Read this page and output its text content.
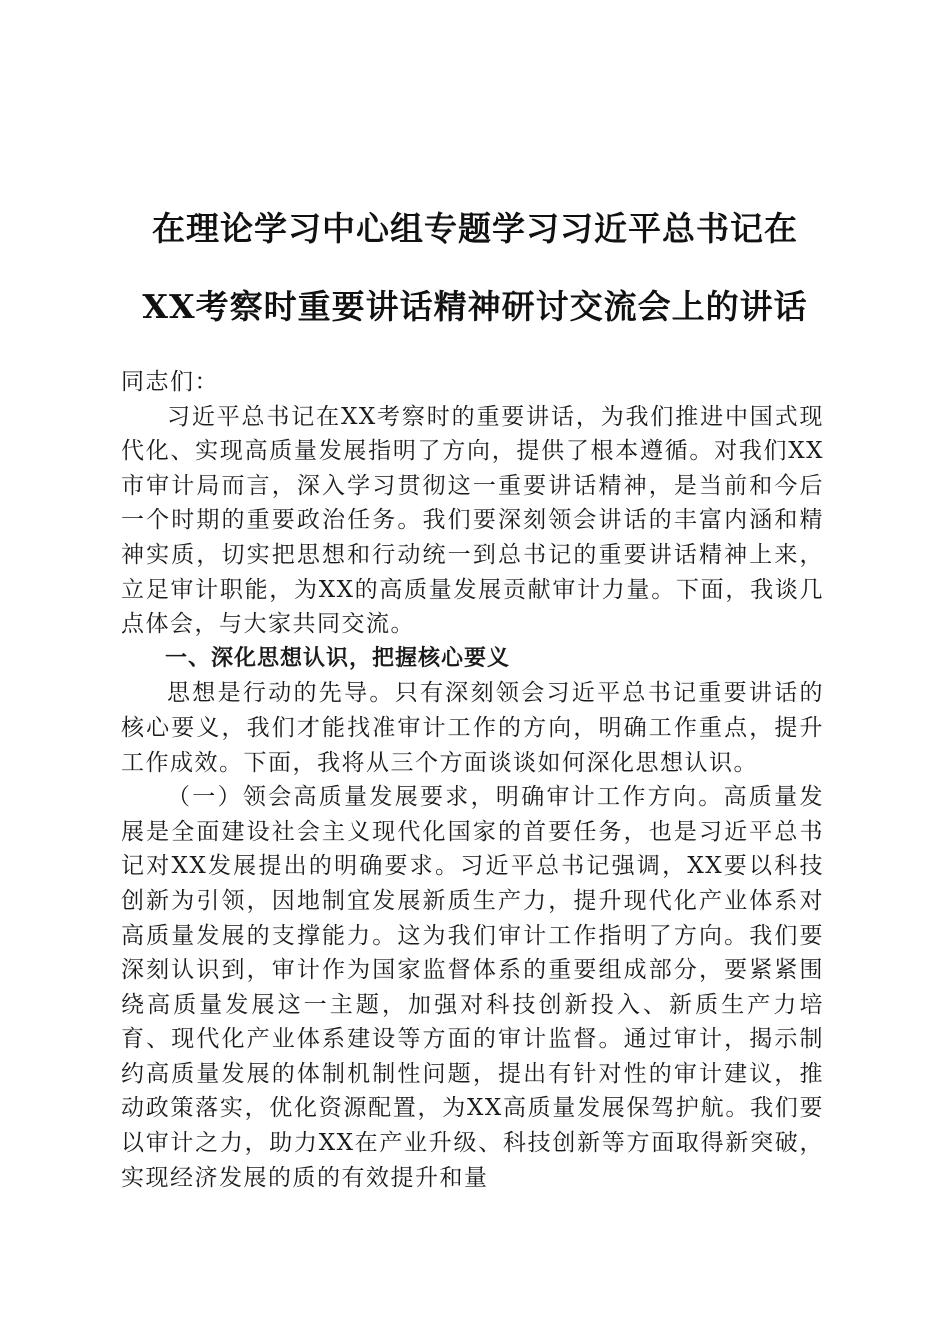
在理论学习中心组专题学习习近平总书记在
XX考察时重要讲话精神研讨交流会上的讲话

同志们：

习近平总书记在XX考察时的重要讲话，为我们推进中国式现代化、实现高质量发展指明了方向，提供了根本遵循。对我们XX市审计局而言，深入学习贯彻这一重要讲话精神，是当前和今后一个时期的重要政治任务。我们要深刻领会讲话的丰富内涵和精神实质，切实把思想和行动统一到总书记的重要讲话精神上来，立足审计职能，为XX的高质量发展贡献审计力量。下面，我谈几点体会，与大家共同交流。

一、深化思想认识，把握核心要义

思想是行动的先导。只有深刻领会习近平总书记重要讲话的核心要义，我们才能找准审计工作的方向，明确工作重点，提升工作成效。下面，我将从三个方面谈谈如何深化思想认识。

（一）领会高质量发展要求，明确审计工作方向。高质量发展是全面建设社会主义现代化国家的首要任务，也是习近平总书记对XX发展提出的明确要求。习近平总书记强调，XX要以科技创新为引领，因地制宜发展新质生产力，提升现代化产业体系对高质量发展的支撑能力。这为我们审计工作指明了方向。我们要深刻认识到，审计作为国家监督体系的重要组成部分，要紧紧围绕高质量发展这一主题，加强对科技创新投入、新质生产力培育、现代化产业体系建设等方面的审计监督。通过审计，揭示制约高质量发展的体制机制性问题，提出有针对性的审计建议，推动政策落实，优化资源配置，为XX高质量发展保驾护航。我们要以审计之力，助力XX在产业升级、科技创新等方面取得新突破，实现经济发展的质的有效提升和量
